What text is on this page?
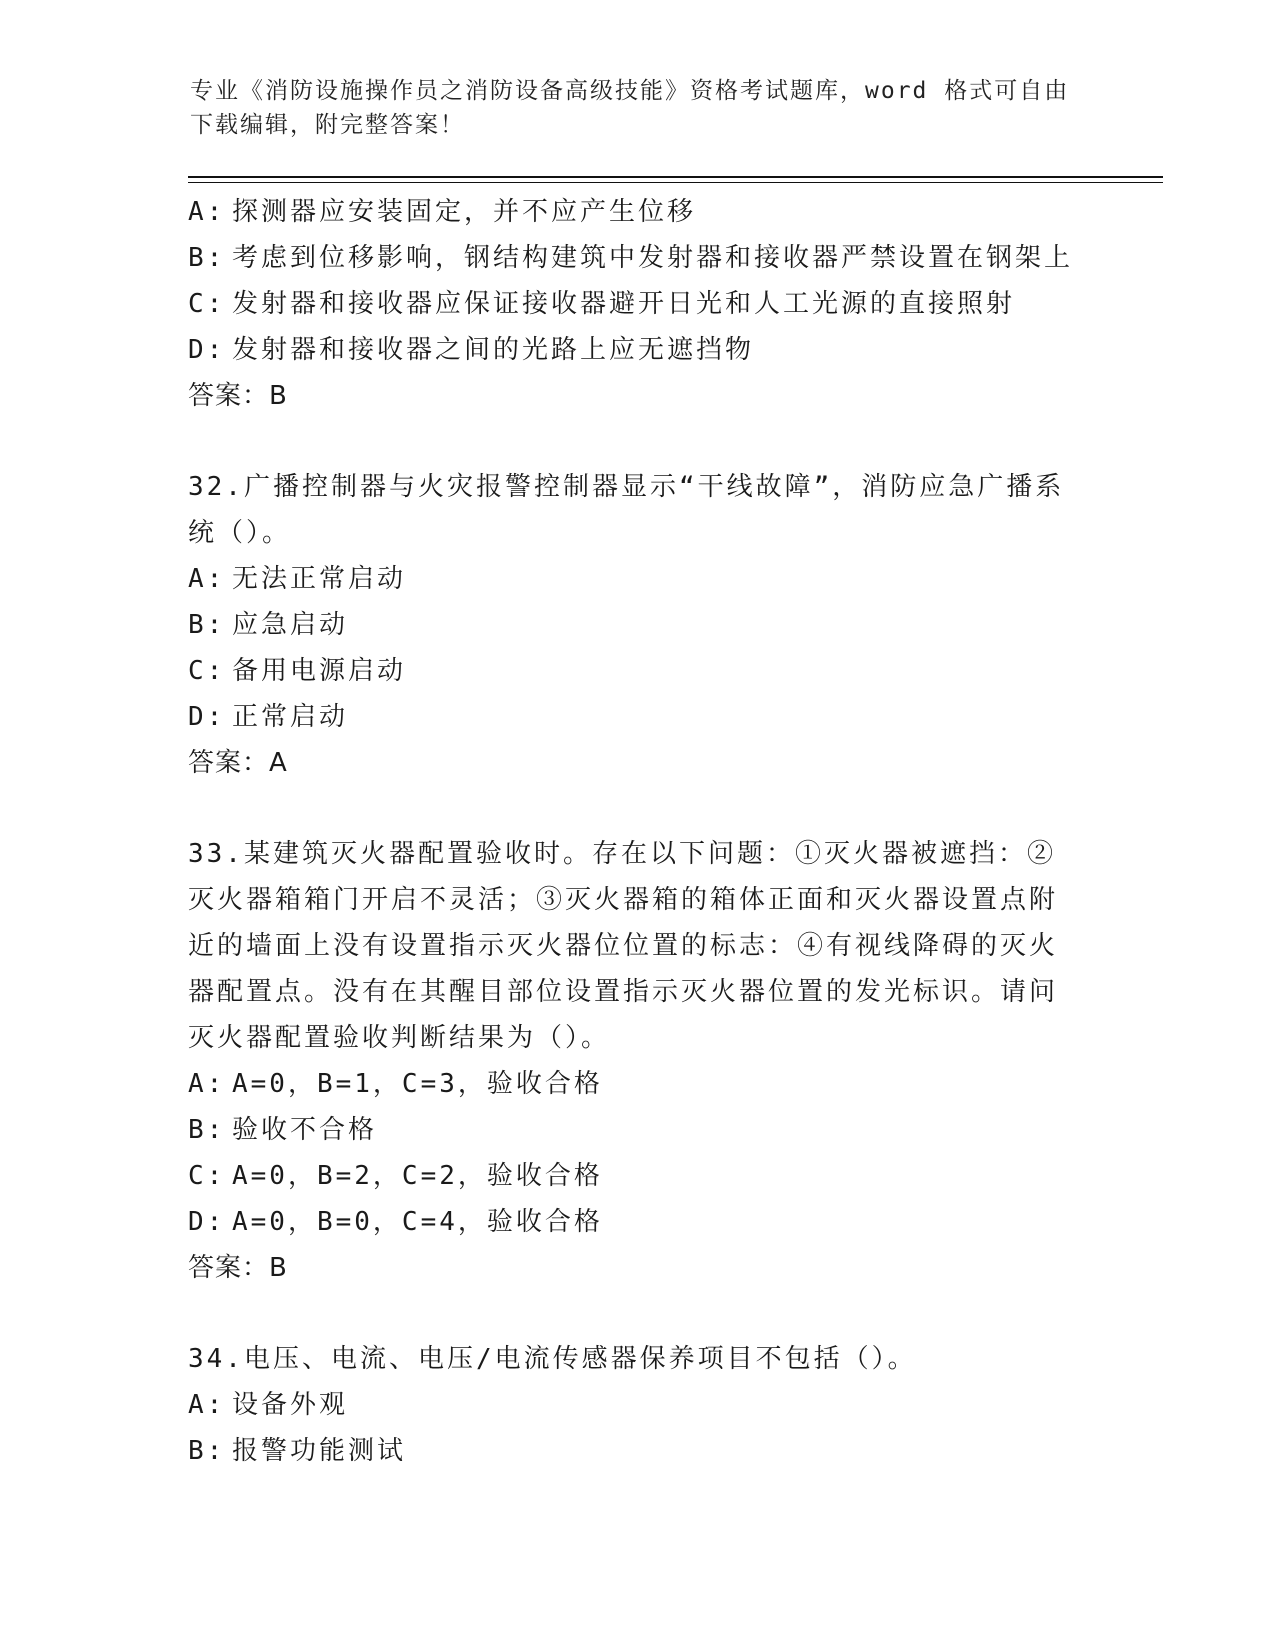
专业《消防设施操作员之消防设备高级技能》资格考试题库，word 格式可自由下载编辑，附完整答案！
A: 探测器应安装固定，并不应产生位移
B: 考虑到位移影响，钢结构建筑中发射器和接收器严禁设置在钢架上
C: 发射器和接收器应保证接收器避开日光和人工光源的直接照射
D: 发射器和接收器之间的光路上应无遮挡物
答案：B
32.广播控制器与火灾报警控制器显示“干线故障”，消防应急广播系统（）。
A: 无法正常启动
B: 应急启动
C: 备用电源启动
D: 正常启动
答案：A
33.某建筑灭火器配置验收时。存在以下问题：①灭火器被遮挡：②灭火器箱箱门开启不灵活；③灭火器箱的箱体正面和灭火器设置点附近的墙面上没有设置指示灭火器位位置的标志：④有视线降碍的灭火器配置点。没有在其醒目部位设置指示灭火器位置的发光标识。请问灭火器配置验收判断结果为（）。
A: A=0，B=1，C=3，验收合格
B: 验收不合格
C: A=0，B=2，C=2，验收合格
D: A=0，B=0，C=4，验收合格
答案：B
34.电压、电流、电压/电流传感器保养项目不包括（）。
A: 设备外观
B: 报警功能测试
